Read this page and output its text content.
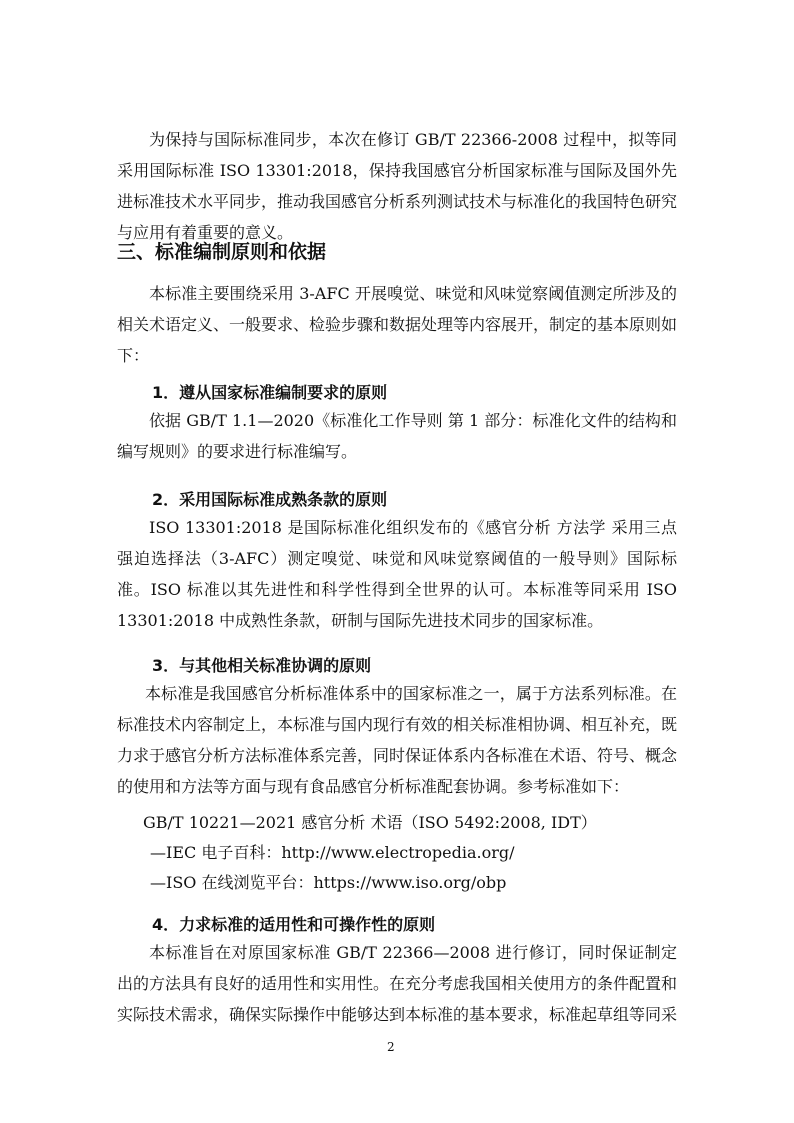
为保持与国际标准同步，本次在修订 GB/T 22366-2008 过程中，拟等同采用国际标准 ISO 13301:2018，保持我国感官分析国家标准与国际及国外先进标准技术水平同步，推动我国感官分析系列测试技术与标准化的我国特色研究与应用有着重要的意义。

三、标准编制原则和依据

本标准主要围绕采用 3-AFC 开展嗅觉、味觉和风味觉察阈值测定所涉及的相关术语定义、一般要求、检验步骤和数据处理等内容展开，制定的基本原则如下：

1．遵从国家标准编制要求的原则

依据 GB/T 1.1—2020《标准化工作导则 第 1 部分：标准化文件的结构和编写规则》的要求进行标准编写。

2．采用国际标准成熟条款的原则

ISO 13301:2018 是国际标准化组织发布的《感官分析 方法学 采用三点强迫选择法（3-AFC）测定嗅觉、味觉和风味觉察阈值的一般导则》国际标准。ISO 标准以其先进性和科学性得到全世界的认可。本标准等同采用 ISO 13301:2018 中成熟性条款，研制与国际先进技术同步的国家标准。

3．与其他相关标准协调的原则

本标准是我国感官分析标准体系中的国家标准之一，属于方法系列标准。在标准技术内容制定上，本标准与国内现行有效的相关标准相协调、相互补充，既力求于感官分析方法标准体系完善，同时保证体系内各标准在术语、符号、概念的使用和方法等方面与现有食品感官分析标准配套协调。参考标准如下：

GB/T 10221—2021 感官分析 术语（ISO 5492:2008, IDT）

—IEC 电子百科：http://www.electropedia.org/

—ISO 在线浏览平台：https://www.iso.org/obp

4．力求标准的适用性和可操作性的原则

本标准旨在对原国家标准 GB/T 22366—2008 进行修订，同时保证制定出的方法具有良好的适用性和实用性。在充分考虑我国相关使用方的条件配置和实际技术需求，确保实际操作中能够达到本标准的基本要求，标准起草组等同采

2
